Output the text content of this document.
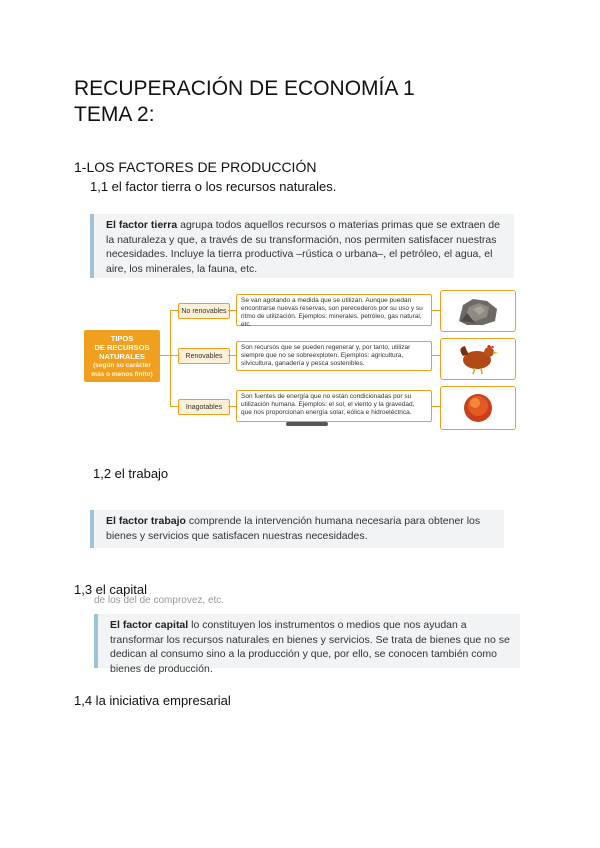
RECUPERACIÓN DE ECONOMÍA 1
TEMA 2:
1-LOS FACTORES DE PRODUCCIÓN
1,1 el factor tierra o los recursos naturales.
El factor tierra agrupa todos aquellos recursos o materias primas que se extraen de la naturaleza y que, a través de su transformación, nos permiten satisfacer nuestras necesidades. Incluye la tierra productiva –rústica o urbana–, el petróleo, el agua, el aire, los minerales, la fauna, etc.
TIPOS
DE RECURSOS
NATURALES
(según su carácter
más o menos finito)
No renovables
Renovables
Inagotables
Se van agotando a medida que se utilizan. Aunque puedan encontrarse nuevas reservas, son perecederos por su uso y su ritmo de utilización. Ejemplos: minerales, petróleo, gas natural, etc.
Son recursos que se pueden regenerar y, por tanto, utilizar siempre que no se sobreexploten. Ejemplos: agricultura, silvicultura, ganadería y pesca sostenibles.
Son fuentes de energía que no están condicionadas por su utilización humana. Ejemplos: el sol, el viento y la gravedad, que nos proporcionan energía solar, eólica e hidroeléctrica.
1,2 el trabajo
El factor trabajo comprende la intervención humana necesaria para obtener los bienes y servicios que satisfacen nuestras necesidades.
1,3 el capital
de los del de comprovez, etc.
El factor capital lo constituyen los instrumentos o medios que nos ayudan a transformar los recursos naturales en bienes y servicios. Se trata de bienes que no se dedican al consumo sino a la producción y que, por ello, se conocen también como bienes de producción.
1,4 la iniciativa empresarial
